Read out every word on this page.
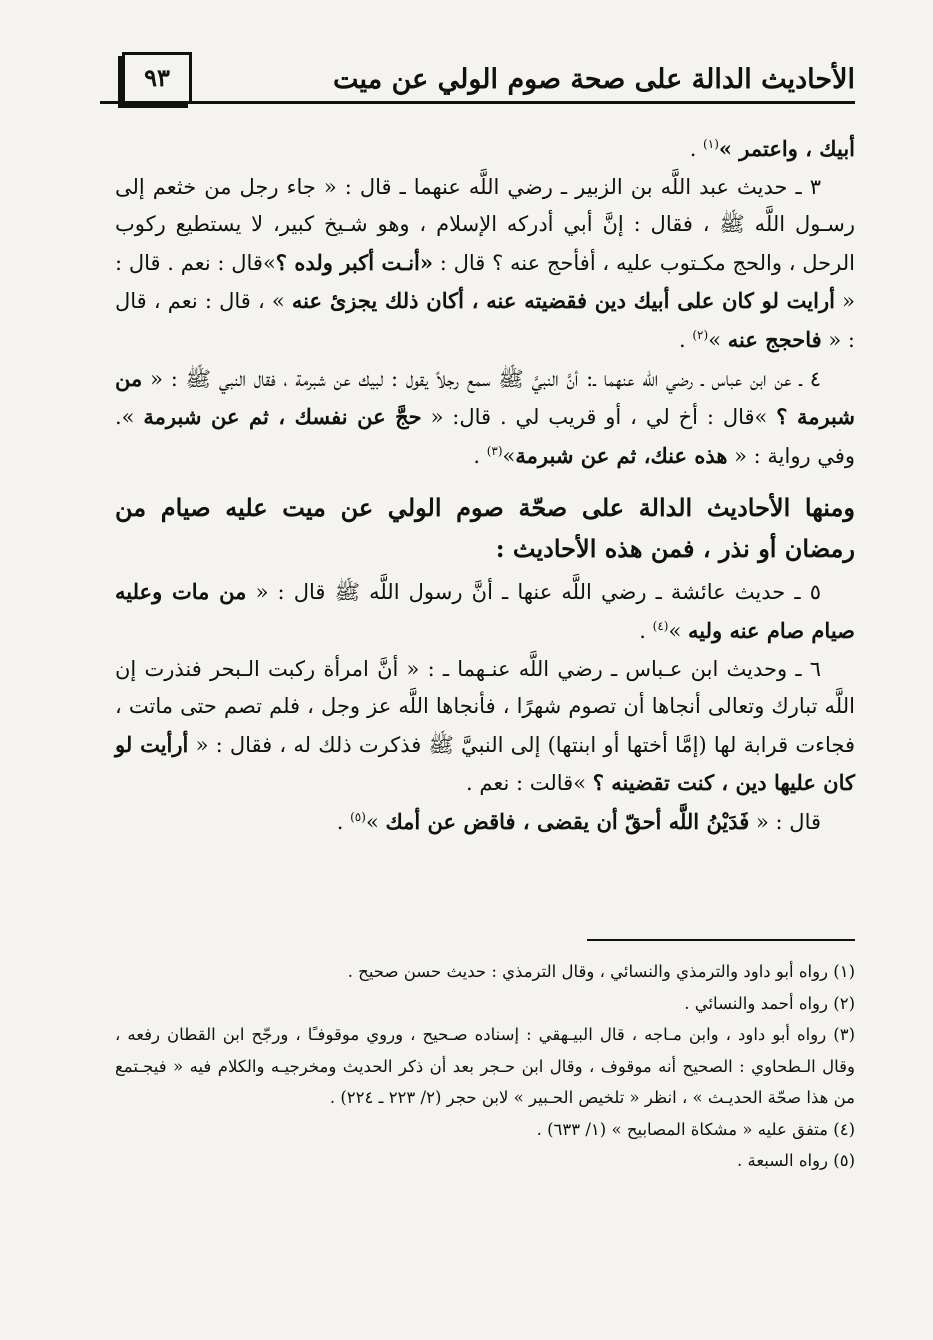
الأحاديث الدالة على صحة صوم الولي عن ميت
٩٣

أبيك ، واعتمر »$^{(١)}$ .

٣ ـ حديث عبد اللَّه بن الزبير ـ رضي اللَّه عنهما ـ قال : « جاء رجل من خثعم إلى رسـول اللَّه ﷺ ، فقال : إنَّ أبي أدركه الإسلام ، وهو شـيخ كبير، لا يستطيع ركوب الرحل ، والحج مكـتوب عليه ، أفأحج عنه ؟ قال : «أنـت أكبر ولده ؟»قال : نعم . قال : « أرايت لو كان على أبيك دين فقضيته عنه ، أكان ذلك يجزئ عنه » ، قال : نعم ، قال : « فاحجج عنه »$^{(٢)}$ .

٤ ـ عن ابن عباس ـ رضي الله عنهما ـ: أنَّ النبيَّ ﷺ سمع رجلاً يقول : لبيك عن شبرمة ، فقال النبي ﷺ : « من شبرمة ؟ »قال : أخ لي ، أو قريب لي . قال: « حجَّ عن نفسك ، ثم عن شبرمة ». وفي رواية : « هذه عنك، ثم عن شبرمة»$^{(٣)}$ .

ومنها الأحاديث الدالة على صحّة صوم الولي عن ميت عليه صيام من رمضان أو نذر ، فمن هذه الأحاديث :

٥ ـ حديث عائشة ـ رضي اللَّه عنها ـ أنَّ رسول اللَّه ﷺ قال : « من مات وعليه صيام صام عنه وليه »$^{(٤)}$ .

٦ ـ وحديث ابن عـباس ـ رضي اللَّه عنـهما ـ : « أنَّ امرأة ركبت الـبحر فنذرت إن اللَّه تبارك وتعالى أنجاها أن تصوم شهرًا ، فأنجاها اللَّه عز وجل ، فلم تصم حتى ماتت ، فجاءت قرابة لها (إمَّا أختها أو ابنتها) إلى النبيَّ ﷺ فذكرت ذلك له ، فقال : « أرأيت لو كان عليها دين ، كنت تقضينه ؟ »قالت : نعم .

قال : « فَدَيْنُ اللَّه أحقّ أن يقضى ، فاقض عن أمك »$^{(٥)}$ .

(١) رواه أبو داود والترمذي والنسائي ، وقال الترمذي : حديث حسن صحيح .

(٢) رواه أحمد والنسائي .

(٣) رواه أبو داود ، وابن مـاجه ، قال البيـهقي : إسناده صـحيح ، وروي موقوفـًا ، ورجّح ابن القطان رفعه ، وقال الـطحاوي : الصحيح أنه موقوف ، وقال ابن حـجر بعد أن ذكر الحديث ومخرجيـه والكلام فيه « فيجـتمع من هذا صحّة الحديـث » ، انظر « تلخيص الحـبير » لابن حجر (٢/ ٢٢٣ ـ ٢٢٤) .

(٤) متفق عليه « مشكاة المصابيح » (١/ ٦٣٣) .

(٥) رواه السبعة .
